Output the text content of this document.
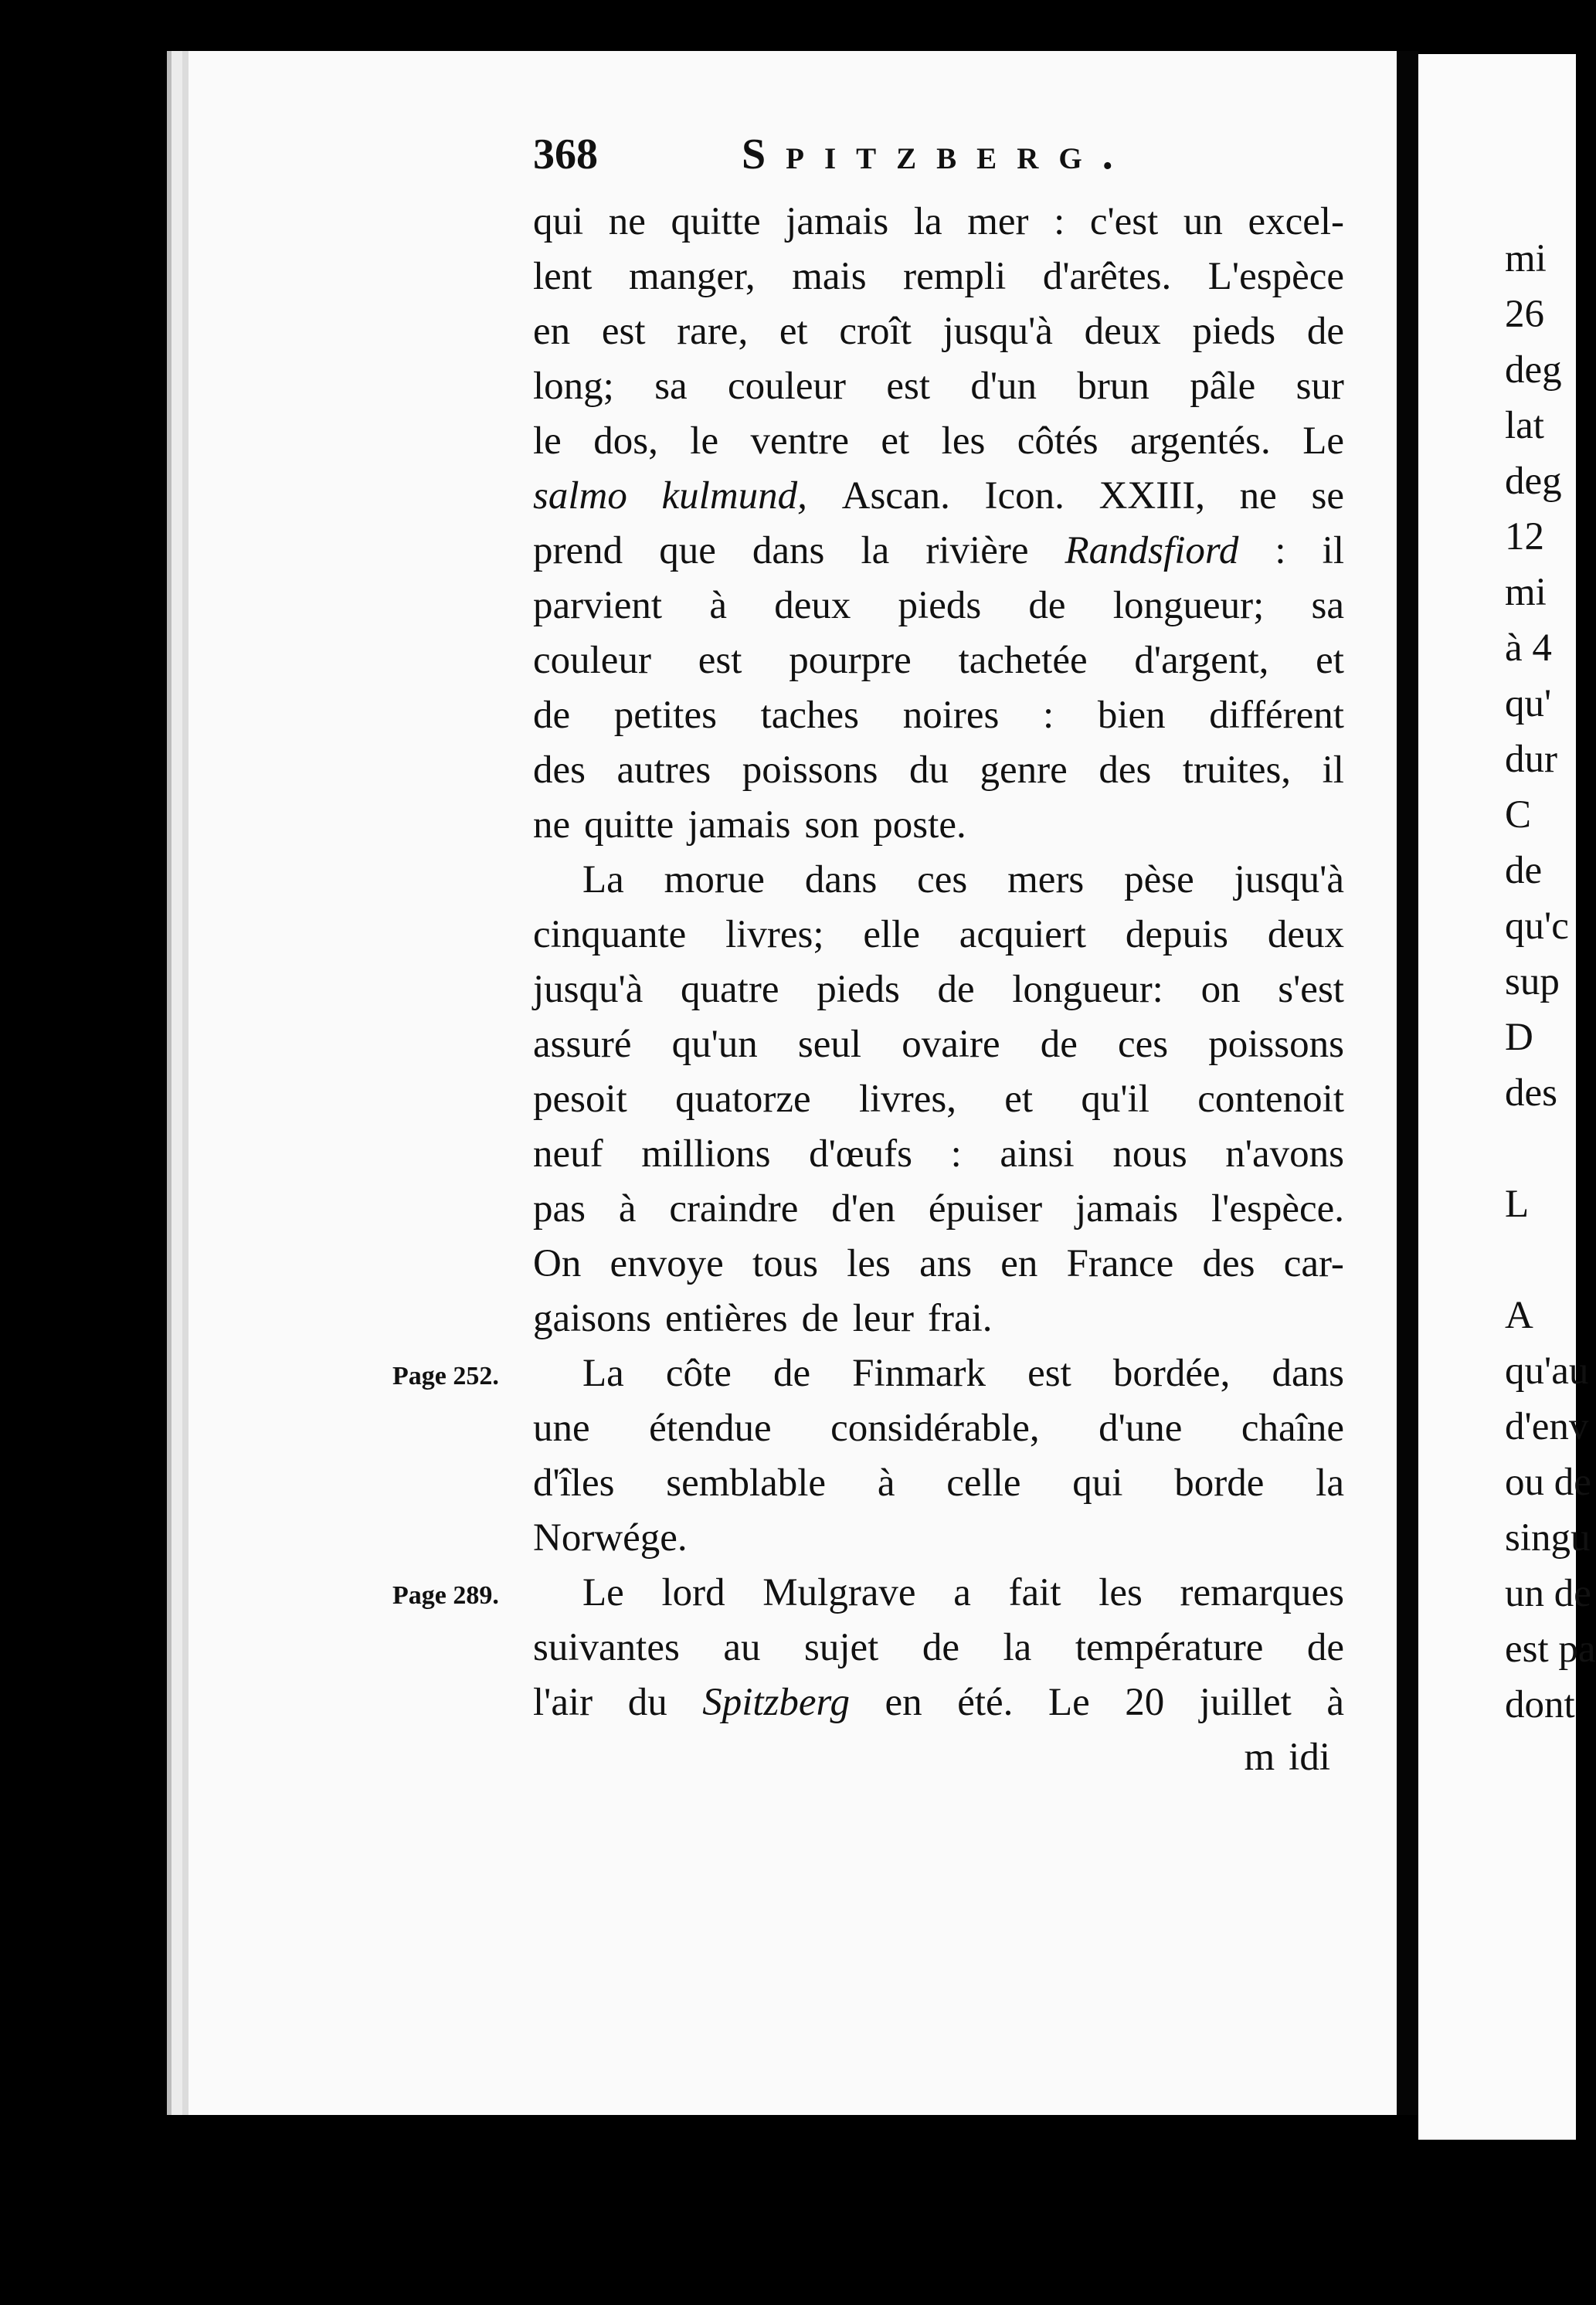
368	Spitzberg.
qui ne quitte jamais la mer : c'est un excel-
lent manger, mais rempli d'arêtes. L'espèce
en est rare, et croît jusqu'à deux pieds de
long; sa couleur est d'un brun pâle sur
le dos, le ventre et les côtés argentés. Le
salmo kulmund, Ascan. Icon. XXIII, ne se
prend que dans la rivière Randsfiord : il
parvient à deux pieds de longueur; sa
couleur est pourpre tachetée d'argent, et
de petites taches noires : bien différent
des autres poissons du genre des truites, il
ne quitte jamais son poste.
La morue dans ces mers pèse jusqu'à
cinquante livres; elle acquiert depuis deux
jusqu'à quatre pieds de longueur: on s'est
assuré qu'un seul ovaire de ces poissons
pesoit quatorze livres, et qu'il contenoit
neuf millions d'œufs : ainsi nous n'avons
pas à craindre d'en épuiser jamais l'espèce.
On envoye tous les ans en France des car-
gaisons entières de leur frai.
La côte de Finmark est bordée, dans
une étendue considérable, d'une chaîne
d'îles semblable à celle qui borde la
Norwége.
Le lord Mulgrave a fait les remarques
suivantes au sujet de la température de
l'air du Spitzberg en été. Le 20 juillet à
m idi
Page 252.
Page 289.
mi
26
deg
lat
deg
12
mi
à 4
qu'
dur
C
de
qu'c
sup
D
des
L
A
qu'au
d'env
ou de
singu
un de
est pa
dont
